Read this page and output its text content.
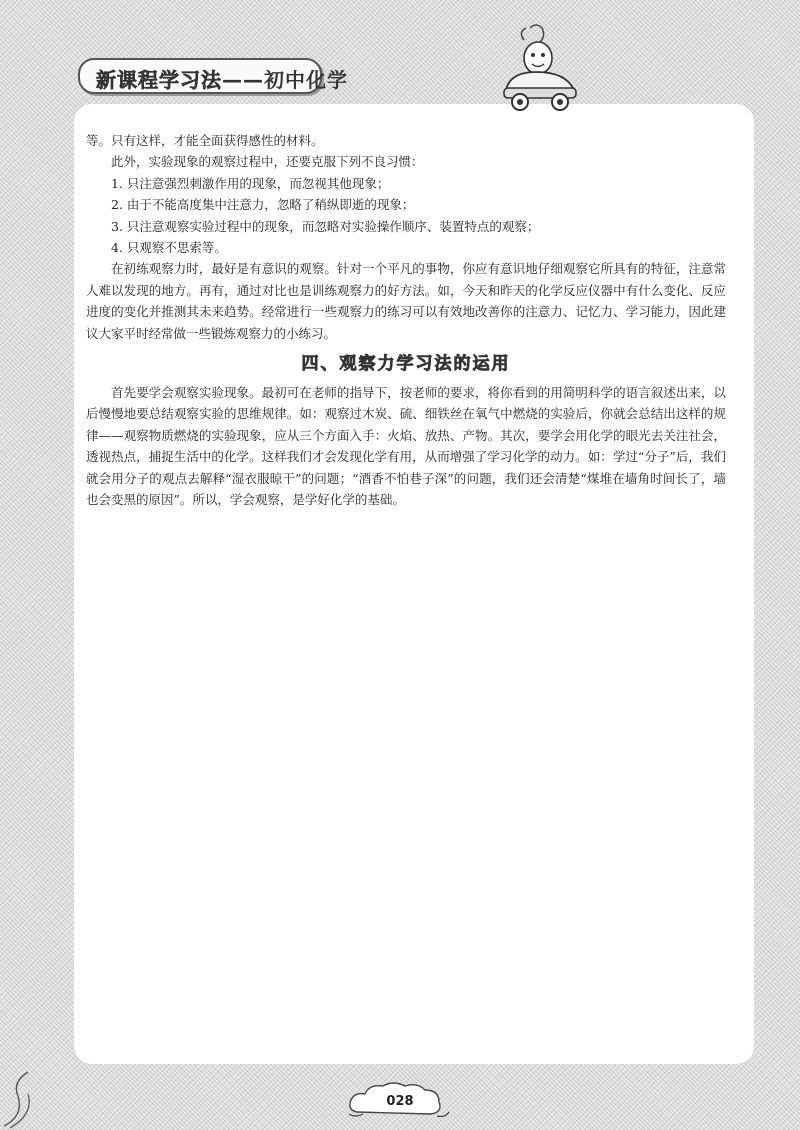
新课程学习法——初中化学

等。只有这样，才能全面获得感性的材料。

此外，实验现象的观察过程中，还要克服下列不良习惯：

1. 只注意强烈刺激作用的现象，而忽视其他现象；

2. 由于不能高度集中注意力，忽略了稍纵即逝的现象；

3. 只注意观察实验过程中的现象，而忽略对实验操作顺序、装置特点的观察；

4. 只观察不思索等。

在初练观察力时，最好是有意识的观察。针对一个平凡的事物，你应有意识地仔细观察它所具有的特征，注意常人难以发现的地方。再有，通过对比也是训练观察力的好方法。如，今天和昨天的化学反应仪器中有什么变化、反应进度的变化并推测其未来趋势。经常进行一些观察力的练习可以有效地改善你的注意力、记忆力、学习能力，因此建议大家平时经常做一些锻炼观察力的小练习。

四、观察力学习法的运用

首先要学会观察实验现象。最初可在老师的指导下，按老师的要求，将你看到的用简明科学的语言叙述出来，以后慢慢地要总结观察实验的思维规律。如：观察过木炭、硫、细铁丝在氧气中燃烧的实验后，你就会总结出这样的规律——观察物质燃烧的实验现象，应从三个方面入手：火焰、放热、产物。其次，要学会用化学的眼光去关注社会，透视热点，捕捉生活中的化学。这样我们才会发现化学有用，从而增强了学习化学的动力。如：学过“分子”后，我们就会用分子的观点去解释“湿衣服晾干”的问题；“酒香不怕巷子深”的问题，我们还会清楚“煤堆在墙角时间长了，墙也会变黑的原因”。所以，学会观察，是学好化学的基础。

028
